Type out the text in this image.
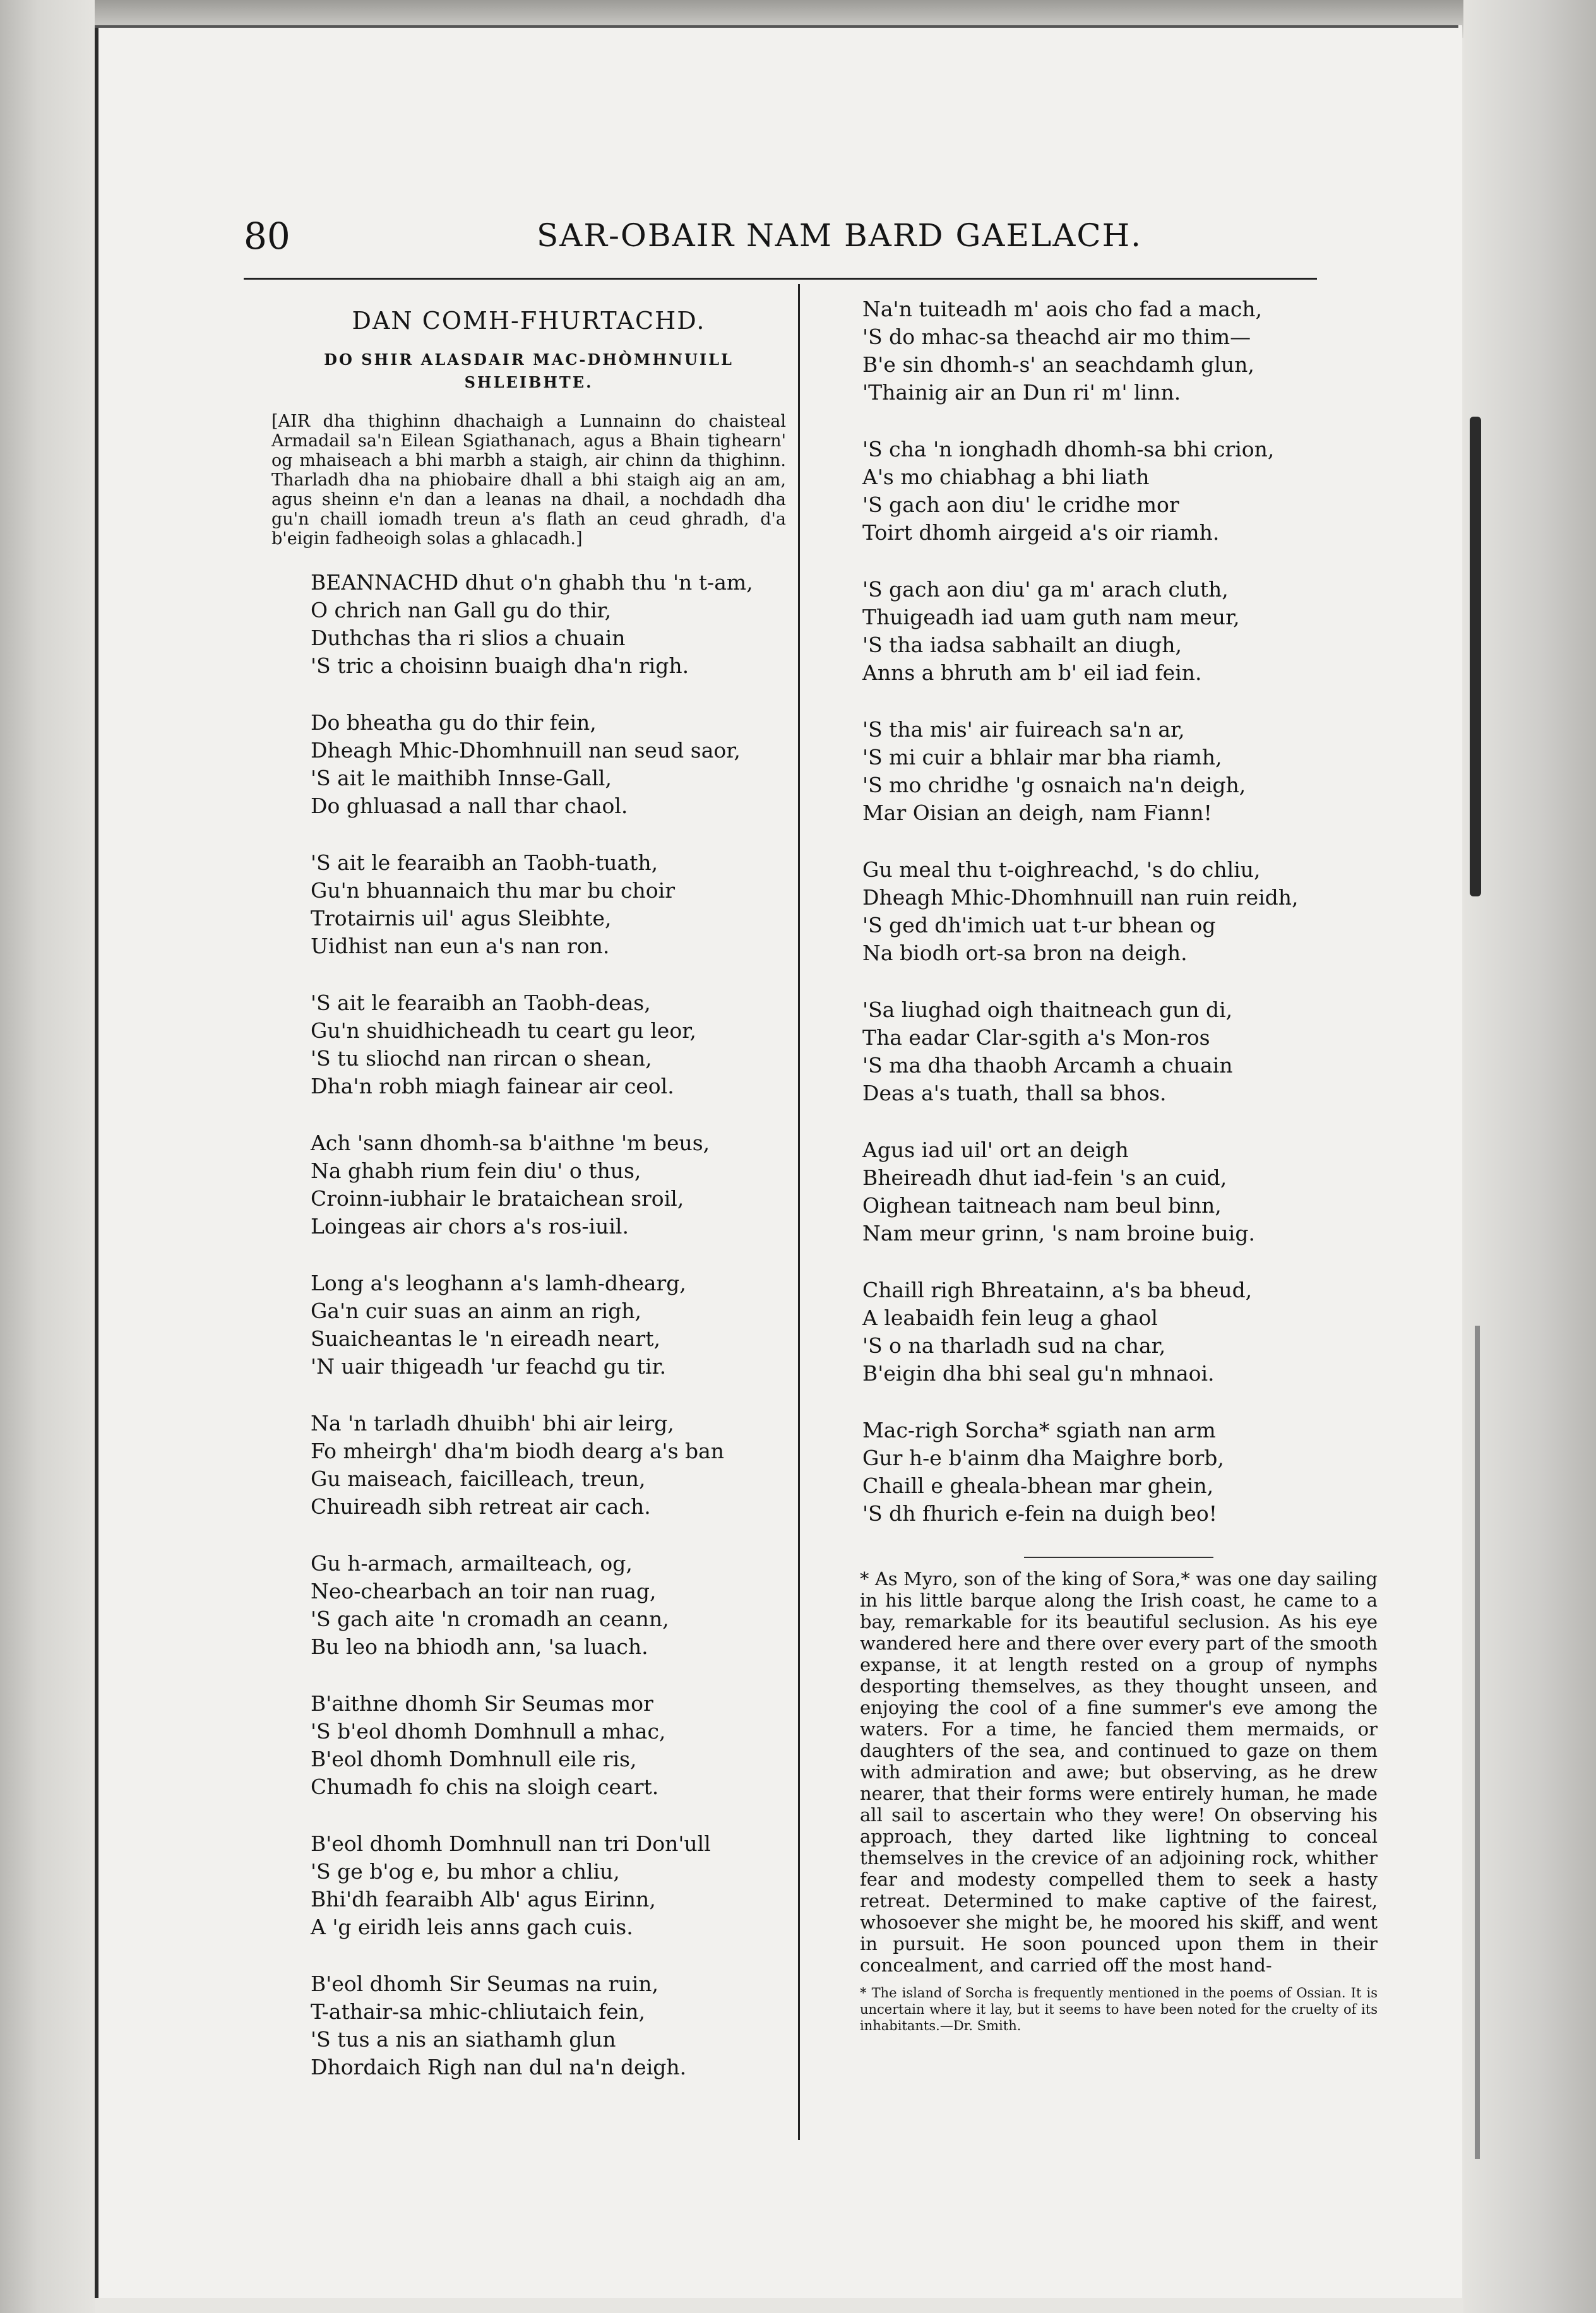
80	SAR-OBAIR NAM BARD GAELACH.
DAN COMH-FHURTACHD.
DO SHIR ALASDAIR MAC-DHÒMHNUILL
SHLEIBHTE.
[AIR dha thighinn dhachaigh a Lunnainn do chaisteal Armadail sa'n Eilean Sgiathanach, agus a Bhain tighearn' og mhaiseach a bhi marbh a staigh, air chinn da thighinn. Tharladh dha na phiobaire dhall a bhi staigh aig an am, agus sheinn e'n dan a leanas na dhail, a nochdadh dha gu'n chaill iomadh treun a's flath an ceud ghradh, d'a b'eigin fadheoigh solas a ghlacadh.]
BEANNACHD dhut o'n ghabh thu 'n t-am,
O chrich nan Gall gu do thir,
Duthchas tha ri slios a chuain
'S tric a choisinn buaigh dha'n righ.
Do bheatha gu do thir fein,
Dheagh Mhic-Dhomhnuill nan seud saor,
'S ait le maithibh Innse-Gall,
Do ghluasad a nall thar chaol.
'S ait le fearaibh an Taobh-tuath,
Gu'n bhuannaich thu mar bu choir
Trotairnis uil' agus Sleibhte,
Uidhist nan eun a's nan ron.
'S ait le fearaibh an Taobh-deas,
Gu'n shuidhicheadh tu ceart gu leor,
'S tu sliochd nan rircan o shean,
Dha'n robh miagh fainear air ceol.
Ach 'sann dhomh-sa b'aithne 'm beus,
Na ghabh rium fein diu' o thus,
Croinn-iubhair le brataichean sroil,
Loingeas air chors a's ros-iuil.
Long a's leoghann a's lamh-dhearg,
Ga'n cuir suas an ainm an righ,
Suaicheantas le 'n eireadh neart,
'N uair thigeadh 'ur feachd gu tir.
Na 'n tarladh dhuibh' bhi air leirg,
Fo mheirgh' dha'm biodh dearg a's ban
Gu maiseach, faicilleach, treun,
Chuireadh sibh retreat air cach.
Gu h-armach, armailteach, og,
Neo-chearbach an toir nan ruag,
'S gach aite 'n cromadh an ceann,
Bu leo na bhiodh ann, 'sa luach.
B'aithne dhomh Sir Seumas mor
'S b'eol dhomh Domhnull a mhac,
B'eol dhomh Domhnull eile ris,
Chumadh fo chis na sloigh ceart.
B'eol dhomh Domhnull nan tri Don'ull
'S ge b'og e, bu mhor a chliu,
Bhi'dh fearaibh Alb' agus Eirinn,
A 'g eiridh leis anns gach cuis.
B'eol dhomh Sir Seumas na ruin,
T-athair-sa mhic-chliutaich fein,
'S tus a nis an siathamh glun
Dhordaich Righ nan dul na'n deigh.
Na'n tuiteadh m' aois cho fad a mach,
'S do mhac-sa theachd air mo thim—
B'e sin dhomh-s' an seachdamh glun,
'Thainig air an Dun ri' m' linn.
'S cha 'n ionghadh dhomh-sa bhi crion,
A's mo chiabhag a bhi liath
'S gach aon diu' le cridhe mor
Toirt dhomh airgeid a's oir riamh.
'S gach aon diu' ga m' arach cluth,
Thuigeadh iad uam guth nam meur,
'S tha iadsa sabhailt an diugh,
Anns a bhruth am b' eil iad fein.
'S tha mis' air fuireach sa'n ar,
'S mi cuir a bhlair mar bha riamh,
'S mo chridhe 'g osnaich na'n deigh,
Mar Oisian an deigh, nam Fiann!
Gu meal thu t-oighreachd, 's do chliu,
Dheagh Mhic-Dhomhnuill nan ruin reidh,
'S ged dh'imich uat t-ur bhean og
Na biodh ort-sa bron na deigh.
'Sa liughad oigh thaitneach gun di,
Tha eadar Clar-sgith a's Mon-ros
'S ma dha thaobh Arcamh a chuain
Deas a's tuath, thall sa bhos.
Agus iad uil' ort an deigh
Bheireadh dhut iad-fein 's an cuid,
Oighean taitneach nam beul binn,
Nam meur grinn, 's nam broine buig.
Chaill righ Bhreatainn, a's ba bheud,
A leabaidh fein leug a ghaol
'S o na tharladh sud na char,
B'eigin dha bhi seal gu'n mhnaoi.
Mac-righ Sorcha* sgiath nan arm
Gur h-e b'ainm dha Maighre borb,
Chaill e gheala-bhean mar ghein,
'S dh fhurich e-fein na duigh beo!
* As Myro, son of the king of Sora,* was one day sailing in his little barque along the Irish coast, he came to a bay, remarkable for its beautiful seclusion. As his eye wandered here and there over every part of the smooth expanse, it at length rested on a group of nymphs desporting themselves, as they thought unseen, and enjoying the cool of a fine summer's eve among the waters. For a time, he fancied them mermaids, or daughters of the sea, and continued to gaze on them with admiration and awe; but observing, as he drew nearer, that their forms were entirely human, he made all sail to ascertain who they were! On observing his approach, they darted like lightning to conceal themselves in the crevice of an adjoining rock, whither fear and modesty compelled them to seek a hasty retreat. Determined to make captive of the fairest, whosoever she might be, he moored his skiff, and went in pursuit. He soon pounced upon them in their concealment, and carried off the most hand-
* The island of Sorcha is frequently mentioned in the poems of Ossian. It is uncertain where it lay, but it seems to have been noted for the cruelty of its inhabitants.—Dr. Smith.
